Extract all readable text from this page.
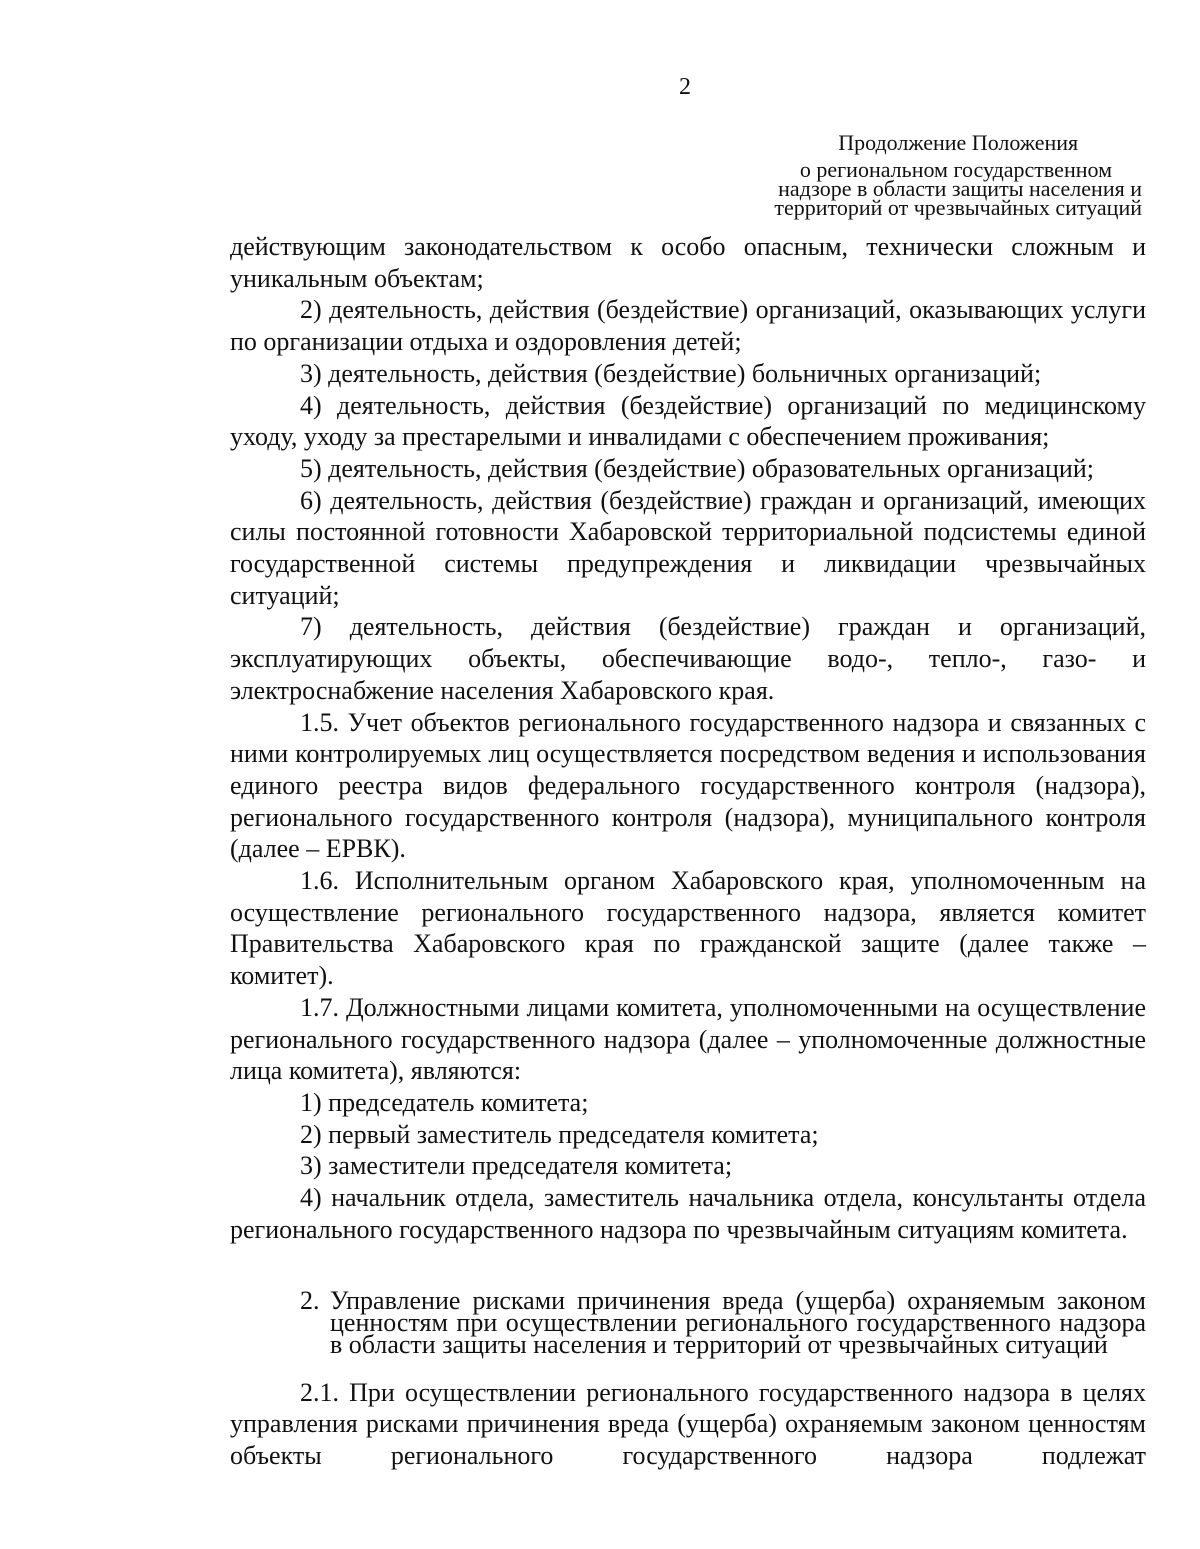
2
Продолжение Положения
о региональном государственном
надзоре в области защиты населения и
территорий от чрезвычайных ситуаций

действующим законодательством к особо опасным, технически сложным и уникальным объектам;

2) деятельность, действия (бездействие) организаций, оказывающих услуги по организации отдыха и оздоровления детей;

3) деятельность, действия (бездействие) больничных организаций;

4) деятельность, действия (бездействие) организаций по медицинскому уходу, уходу за престарелыми и инвалидами с обеспечением проживания;

5) деятельность, действия (бездействие) образовательных организаций;

6) деятельность, действия (бездействие) граждан и организаций, имеющих силы постоянной готовности Хабаровской территориальной подсистемы единой государственной системы предупреждения и ликвидации чрезвычайных ситуаций;

7) деятельность, действия (бездействие) граждан и организаций, эксплуатирующих объекты, обеспечивающие водо-, тепло-, газо- и электроснабжение населения Хабаровского края.

1.5. Учет объектов регионального государственного надзора и связанных с ними контролируемых лиц осуществляется посредством ведения и использования единого реестра видов федерального государственного контроля (надзора), регионального государственного контроля (надзора), муниципального контроля (далее – ЕРВК).

1.6. Исполнительным органом Хабаровского края, уполномоченным на осуществление регионального государственного надзора, является комитет Правительства Хабаровского края по гражданской защите (далее также – комитет).

1.7. Должностными лицами комитета, уполномоченными на осуществление регионального государственного надзора (далее – уполномоченные должностные лица комитета), являются:

1) председатель комитета;

2) первый заместитель председателя комитета;

3) заместители председателя комитета;

4) начальник отдела, заместитель начальника отдела, консультанты отдела регионального государственного надзора по чрезвычайным ситуациям комитета.

2. Управление рисками причинения вреда (ущерба) охраняемым законом ценностям при осуществлении регионального государственного надзора в области защиты населения и территорий от чрезвычайных ситуаций

2.1. При осуществлении регионального государственного надзора в целях управления рисками причинения вреда (ущерба) охраняемым законом ценностям объекты регионального государственного надзора подлежат
